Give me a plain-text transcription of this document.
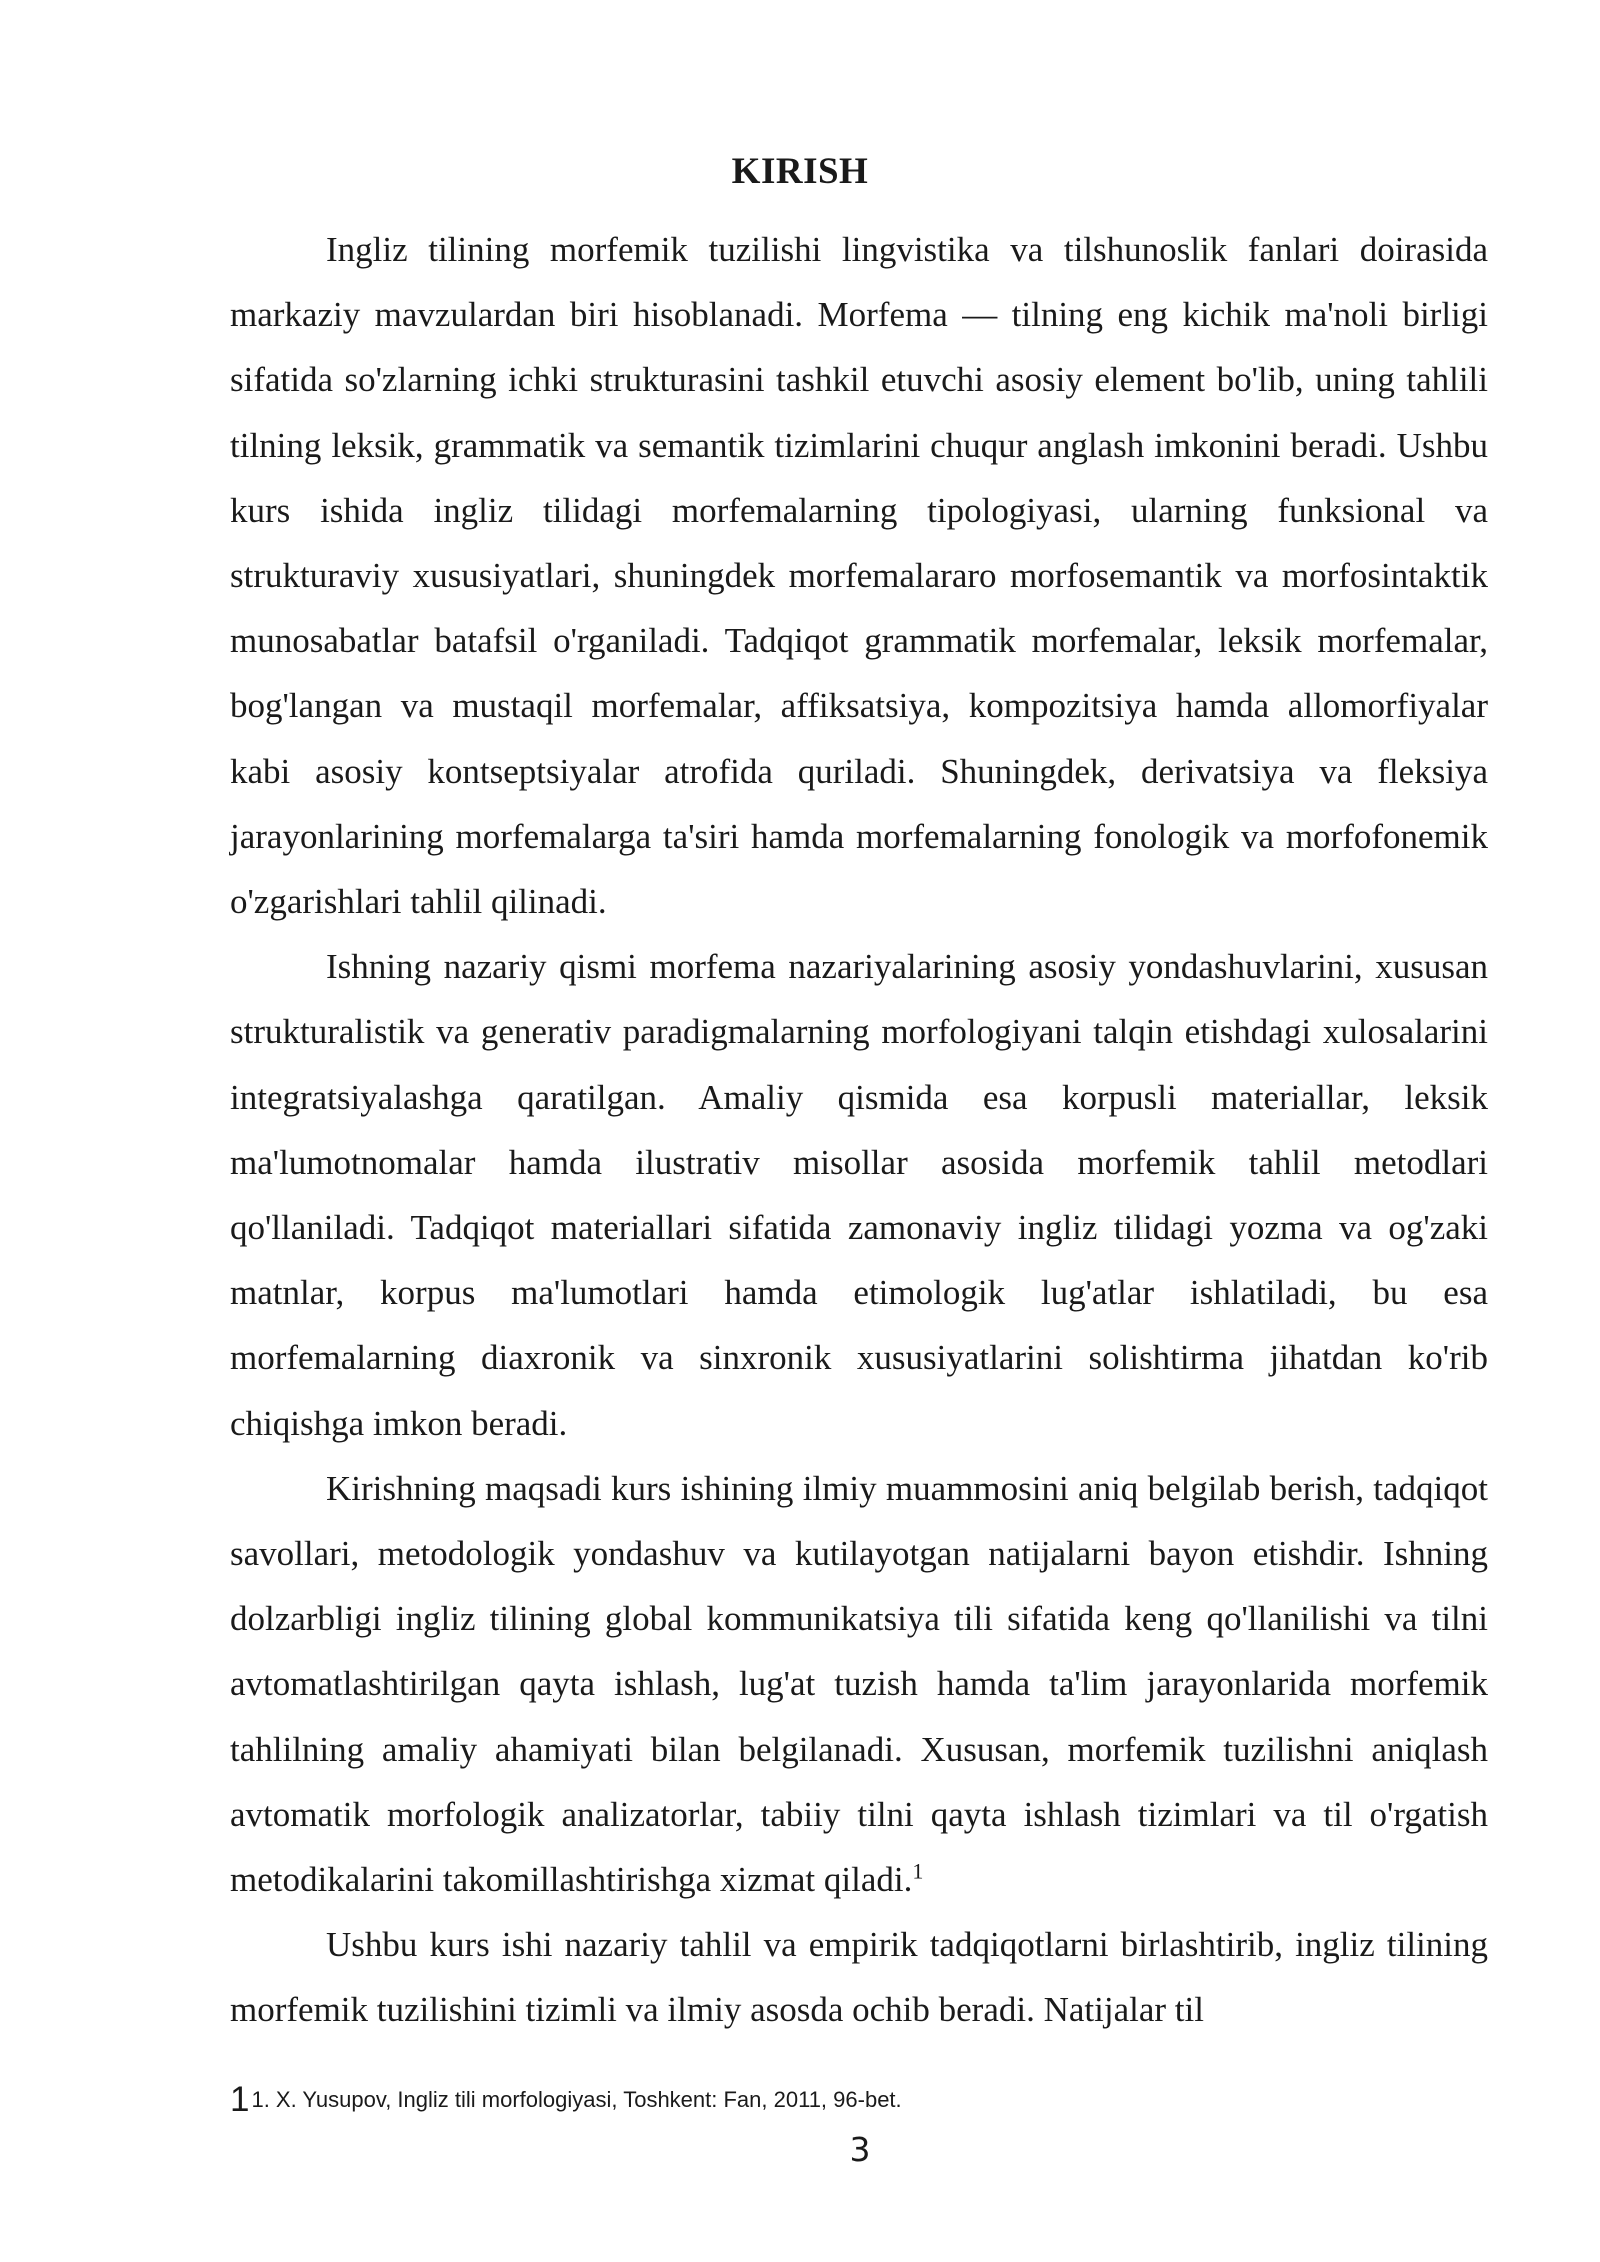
KIRISH

Ingliz tilining morfemik tuzilishi lingvistika va tilshunoslik fanlari doirasida markaziy mavzulardan biri hisoblanadi. Morfema — tilning eng kichik ma'noli birligi sifatida so'zlarning ichki strukturasini tashkil etuvchi asosiy element bo'lib, uning tahlili tilning leksik, grammatik va semantik tizimlarini chuqur anglash imkonini beradi. Ushbu kurs ishida ingliz tilidagi morfemalarning tipologiyasi, ularning funksional va strukturaviy xususiyatlari, shuningdek morfemalararo morfosemantik va morfosintaktik munosabatlar batafsil o'rganiladi. Tadqiqot grammatik morfemalar, leksik morfemalar, bog'langan va mustaqil morfemalar, affiksatsiya, kompozitsiya hamda allomorfiyalar kabi asosiy kontseptsiyalar atrofida quriladi. Shuningdek, derivatsiya va fleksiya jarayonlarining morfemalarga ta'siri hamda morfemalarning fonologik va morfofonemik o'zgarishlari tahlil qilinadi.

Ishning nazariy qismi morfema nazariyalarining asosiy yondashuvlarini, xususan strukturalistik va generativ paradigmalarning morfologiyani talqin etishdagi xulosalarini integratsiyalashga qaratilgan. Amaliy qismida esa korpusli materiallar, leksik ma'lumotnomalar hamda ilustrativ misollar asosida morfemik tahlil metodlari qo'llaniladi. Tadqiqot materiallari sifatida zamonaviy ingliz tilidagi yozma va og'zaki matnlar, korpus ma'lumotlari hamda etimologik lug'atlar ishlatiladi, bu esa morfemalarning diaxronik va sinxronik xususiyatlarini solishtirma jihatdan ko'rib chiqishga imkon beradi.

Kirishning maqsadi kurs ishining ilmiy muammosini aniq belgilab berish, tadqiqot savollari, metodologik yondashuv va kutilayotgan natijalarni bayon etishdir. Ishning dolzarbligi ingliz tilining global kommunikatsiya tili sifatida keng qo'llanilishi va tilni avtomatlashtirilgan qayta ishlash, lug'at tuzish hamda ta'lim jarayonlarida morfemik tahlilning amaliy ahamiyati bilan belgilanadi. Xususan, morfemik tuzilishni aniqlash avtomatik morfologik analizatorlar, tabiiy tilni qayta ishlash tizimlari va til o'rgatish metodikalarini takomillashtirishga xizmat qiladi.$^1$

Ushbu kurs ishi nazariy tahlil va empirik tadqiqotlarni birlashtirib, ingliz tilining morfemik tuzilishini tizimli va ilmiy asosda ochib beradi. Natijalar til

11. X. Yusupov, Ingliz tili morfologiyasi, Toshkent: Fan, 2011, 96-bet.
3
